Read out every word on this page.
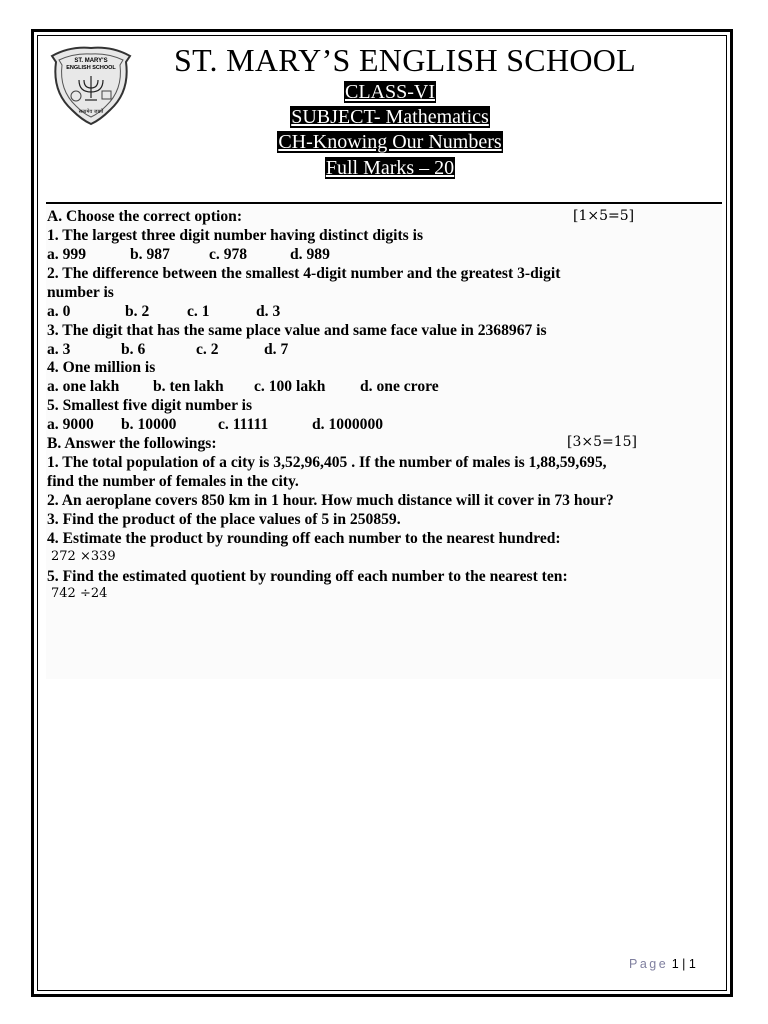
ST. MARY'S
ENGLISH SCHOOL
सत्यमेव जयते
ST. MARY’S ENGLISH SCHOOL
CLASS-VI
SUBJECT- Mathematics
CH-Knowing Our Numbers
Full Marks – 20
A. Choose the correct option:	[1×5=5]
1. The largest three digit number having distinct digits is
a. 999	b. 987	c. 978	d. 989
2. The difference between the smallest 4-digit number and the greatest 3-digit
number is
a. 0	b. 2 c. 1	d. 3
3. The digit that has the same place value and same face value in 2368967 is
a. 3	b. 6	c. 2	d. 7
4. One million is
a. one lakh b. ten lakh c. 100 lakh d. one crore
5. Smallest five digit number is
a. 9000 b. 10000	c. 11111	d. 1000000
B. Answer the followings:	[3×5=15]
1. The total population of a city is 3,52,96,405 . If the number of males is 1,88,59,695,
find the number of females in the city.
2. An aeroplane covers 850 km in 1 hour. How much distance will it cover in 73 hour?
3. Find the product of the place values of 5 in 250859.
4. Estimate the product by rounding off each number to the nearest hundred:
272 ×339
5. Find the estimated quotient by rounding off each number to the nearest ten:
742 ÷24
Page 1 | 1
